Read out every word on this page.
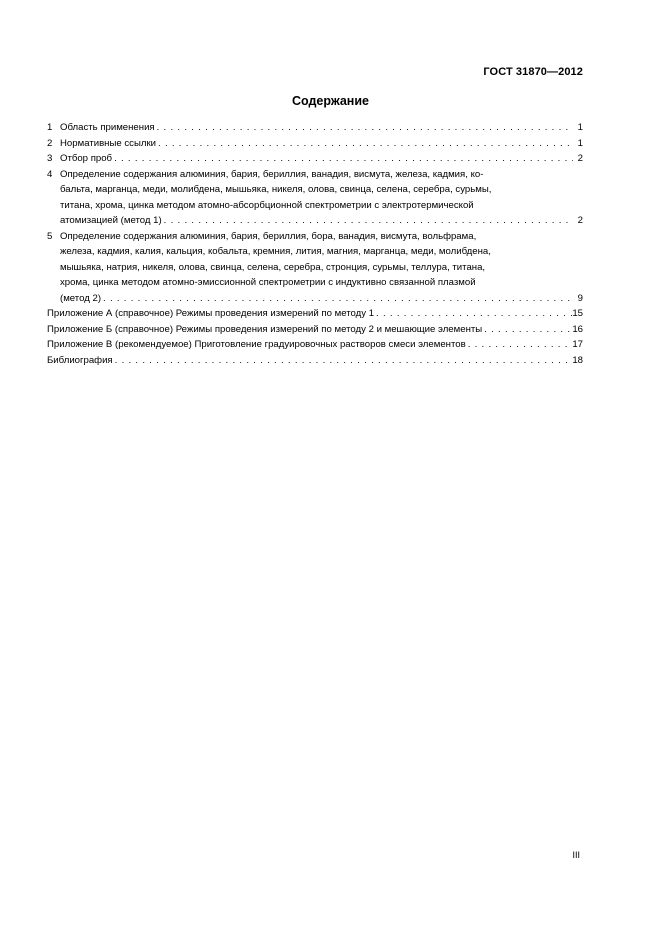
ГОСТ 31870—2012
Содержание
1 Область применения . . .	1
2 Нормативные ссылки . . .	1
3 Отбор проб . . .	2
4 Определение содержания алюминия, бария, бериллия, ванадия, висмута, железа, кадмия, ко-
бальта, марганца, меди, молибдена, мышьяка, никеля, олова, свинца, селена, серебра, сурьмы,
титана, хрома, цинка методом атомно-абсорбционной спектрометрии с электротермической
атомизацией (метод 1) . . .	2
5 Определение содержания алюминия, бария, бериллия, бора, ванадия, висмута, вольфрама,
железа, кадмия, калия, кальция, кобальта, кремния, лития, магния, марганца, меди, молибдена,
мышьяка, натрия, никеля, олова, свинца, селена, серебра, стронция, сурьмы, теллура, титана,
хрома, цинка методом атомно-эмиссионной спектрометрии с индуктивно связанной плазмой
(метод 2) . . .	9
Приложение А (справочное) Режимы проведения измерений по методу 1 . . .	15
Приложение Б (справочное) Режимы проведения измерений по методу 2 и мешающие элементы . . .	16
Приложение В (рекомендуемое) Приготовление градуировочных растворов смеси элементов . . .	17
Библиография . . .	18
III
